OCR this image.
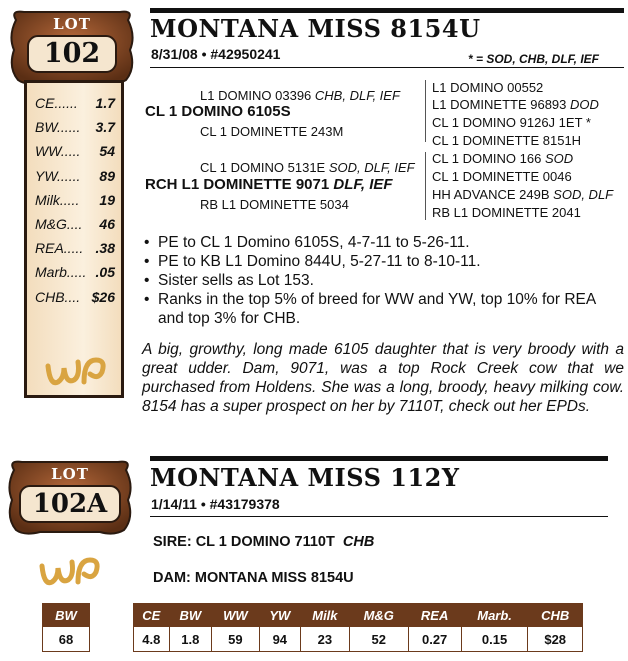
LOT
102
CE...... 1.7
BW...... 3.7
WW..... 54
YW...... 89
Milk..... 19
M&G.... 46
REA..... .38
Marb..... .05
CHB.... $26
MONTANA MISS 8154U
8/31/08 • #42950241	* = SOD, CHB, DLF, IEF
L1 DOMINO 03396 CHB, DLF, IEF
CL 1 DOMINO 6105S
CL 1 DOMINETTE 243M
CL 1 DOMINO 5131E SOD, DLF, IEF
RCH L1 DOMINETTE 9071 DLF, IEF
RB L1 DOMINETTE 5034
L1 DOMINO 00552
L1 DOMINETTE 96893 DOD
CL 1 DOMINO 9126J 1ET *
CL 1 DOMINETTE 8151H
CL 1 DOMINO 166 SOD
CL 1 DOMINETTE 0046
HH ADVANCE 249B SOD, DLF
RB L1 DOMINETTE 2041
• PE to CL 1 Domino 6105S, 4-7-11 to 5-26-11.
• PE to KB L1 Domino 844U, 5-27-11 to 8-10-11.
• Sister sells as Lot 153.
• Ranks in the top 5% of breed for WW and YW, top 10% for REA and top 3% for CHB.
A big, growthy, long made 6105 daughter that is very broody with a great udder. Dam, 9071, was a top Rock Creek cow that we purchased from Holdens. She was a long, broody, heavy milking cow. 8154 has a super prospect on her by 7110T, check out her EPDs.
LOT
102A
MONTANA MISS 112Y
1/14/11 • #43179378
SIRE: CL 1 DOMINO 7110T CHB
DAM: MONTANA MISS 8154U
BW
68
CE	BW	WW	YW	Milk	M&G	REA	Marb.	CHB
4.8	1.8	59	94	23	52	0.27	0.15	$28
